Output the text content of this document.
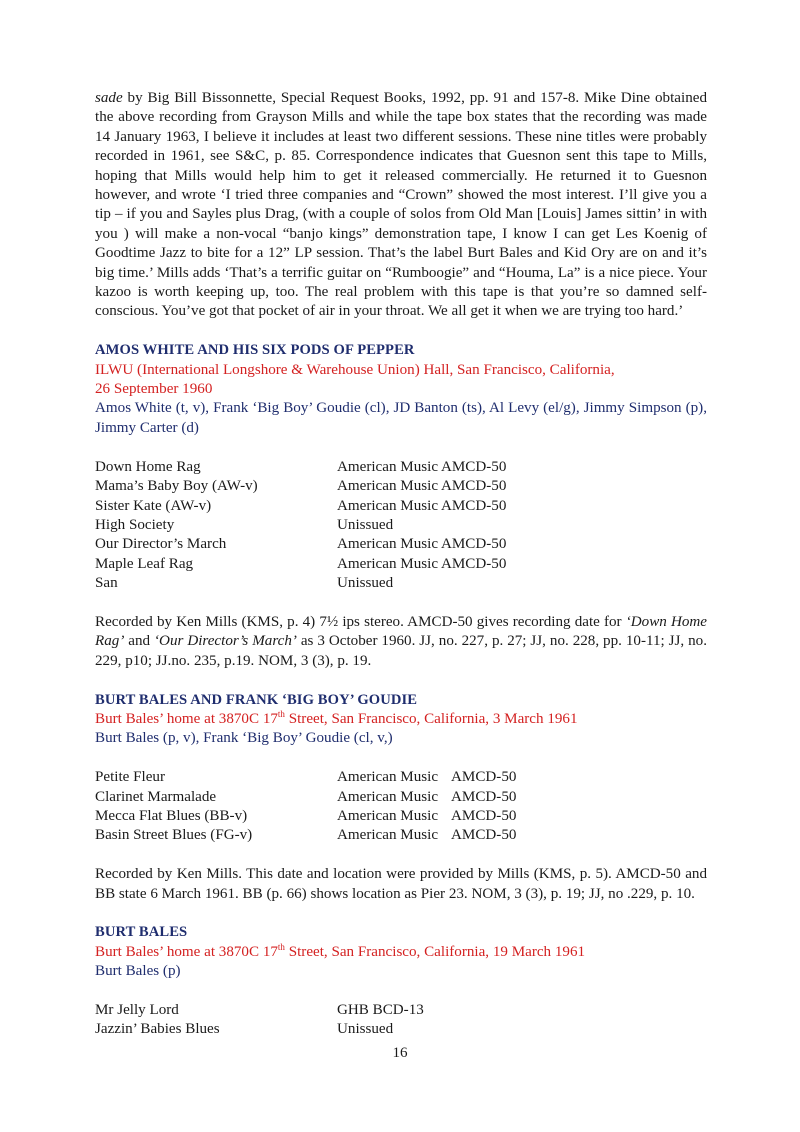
sade by Big Bill Bissonnette, Special Request Books, 1992, pp. 91 and 157-8. Mike Dine obtained the above recording from Grayson Mills and while the tape box states that the recording was made 14 January 1963, I believe it includes at least two different sessions. These nine titles were probably recorded in 1961, see S&C, p. 85. Correspondence indicates that Guesnon sent this tape to Mills, hoping that Mills would help him to get it released commercially. He returned it to Guesnon however, and wrote ‘I tried three companies and “Crown” showed the most interest. I’ll give you a tip – if you and Sayles plus Drag, (with a couple of solos from Old Man [Louis] James sittin’ in with you ) will make a non-vocal “banjo kings” demonstration tape, I know I can get Les Koenig of Goodtime Jazz to bite for a 12” LP session. That’s the label Burt Bales and Kid Ory are on and it’s big time.’ Mills adds ‘That’s a terrific guitar on “Rumboogie” and “Houma, La” is a nice piece. Your kazoo is worth keeping up, too. The real problem with this tape is that you’re so damned self-conscious. You’ve got that pocket of air in your throat. We all get it when we are trying too hard.’

AMOS WHITE AND HIS SIX PODS OF PEPPER
ILWU (International Longshore & Warehouse Union) Hall, San Francisco, California,
26 September 1960
Amos White (t, v), Frank ‘Big Boy’ Goudie (cl), JD Banton (ts), Al Levy (el/g), Jimmy Simpson (p), Jimmy Carter (d)
Down Home Rag	American Music AMCD-50
Mama’s Baby Boy (AW-v)	American Music AMCD-50
Sister Kate (AW-v)	American Music AMCD-50
High Society	Unissued
Our Director’s March	American Music AMCD-50
Maple Leaf Rag	American Music AMCD-50
San	Unissued

Recorded by Ken Mills (KMS, p. 4) 7½ ips stereo. AMCD-50 gives recording date for ‘Down Home Rag’ and ‘Our Director’s March’ as 3 October 1960. JJ, no. 227, p. 27; JJ, no. 228, pp. 10-11; JJ, no. 229, p10; JJ.no. 235, p.19. NOM, 3 (3), p. 19.

BURT BALES AND FRANK ‘BIG BOY’ GOUDIE
Burt Bales’ home at 3870C 17th Street, San Francisco, California, 3 March 1961
Burt Bales (p, v), Frank ‘Big Boy’ Goudie (cl, v,)
Petite Fleur	American Music AMCD-50
Clarinet Marmalade	American Music AMCD-50
Mecca Flat Blues (BB-v)	American Music AMCD-50
Basin Street Blues (FG-v)	American Music AMCD-50

Recorded by Ken Mills. This date and location were provided by Mills (KMS, p. 5). AMCD-50 and BB state 6 March 1961. BB (p. 66) shows location as Pier 23. NOM, 3 (3), p. 19; JJ, no .229, p. 10.

BURT BALES
Burt Bales’ home at 3870C 17th Street, San Francisco, California, 19 March 1961
Burt Bales (p)
Mr Jelly Lord	GHB BCD-13
Jazzin’ Babies Blues	Unissued
16
